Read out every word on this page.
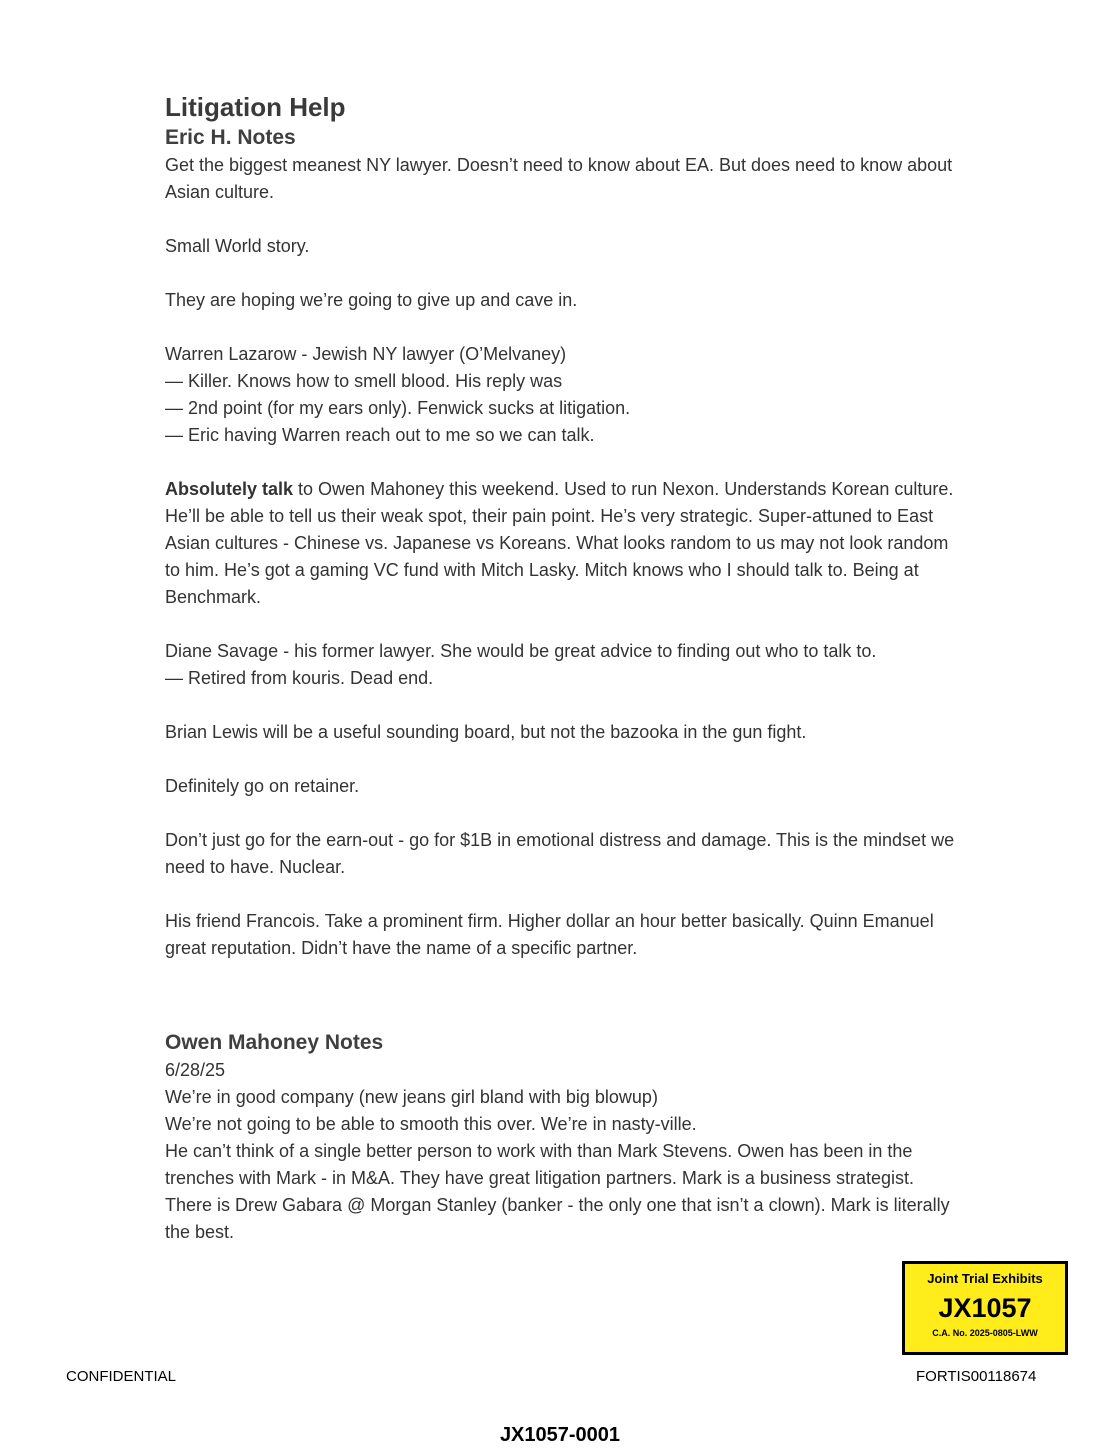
Litigation Help
Eric H. Notes

Get the biggest meanest NY lawyer. Doesn’t need to know about EA. But does need to know about Asian culture.

Small World story.

They are hoping we’re going to give up and cave in.

Warren Lazarow - Jewish NY lawyer (O’Melvaney)
— Killer. Knows how to smell blood. His reply was
— 2nd point (for my ears only). Fenwick sucks at litigation.
— Eric having Warren reach out to me so we can talk.

Absolutely talk to Owen Mahoney this weekend. Used to run Nexon. Understands Korean culture. He’ll be able to tell us their weak spot, their pain point. He’s very strategic. Super-attuned to East Asian cultures - Chinese vs. Japanese vs Koreans. What looks random to us may not look random to him. He’s got a gaming VC fund with Mitch Lasky. Mitch knows who I should talk to. Being at Benchmark.

Diane Savage - his former lawyer. She would be great advice to finding out who to talk to.
— Retired from kouris. Dead end.

Brian Lewis will be a useful sounding board, but not the bazooka in the gun fight.

Definitely go on retainer.

Don’t just go for the earn-out - go for $1B in emotional distress and damage. This is the mindset we need to have. Nuclear.

His friend Francois. Take a prominent firm. Higher dollar an hour better basically. Quinn Emanuel great reputation. Didn’t have the name of a specific partner.

Owen Mahoney Notes
6/28/25
We’re in good company (new jeans girl bland with big blowup)
We’re not going to be able to smooth this over. We’re in nasty-ville.

He can’t think of a single better person to work with than Mark Stevens. Owen has been in the trenches with Mark - in M&A. They have great litigation partners. Mark is a business strategist. There is Drew Gabara @ Morgan Stanley (banker - the only one that isn’t a clown). Mark is literally the best.

Joint Trial Exhibits
JX1057
C.A. No. 2025-0805-LWW
CONFIDENTIAL	FORTIS00118674
JX1057-0001
